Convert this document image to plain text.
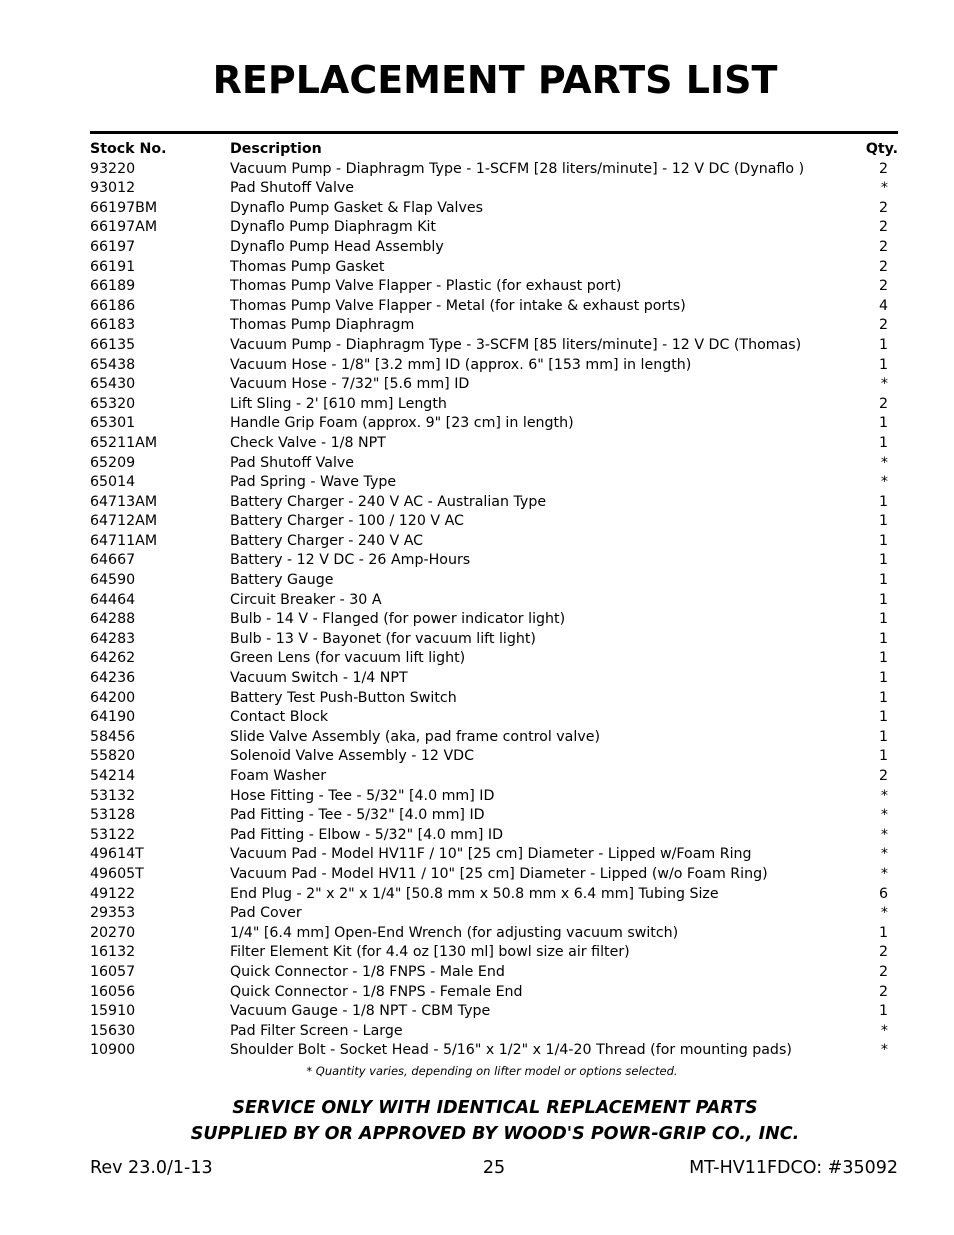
REPLACEMENT PARTS LIST
Stock No.	Description	Qty.
93220	Vacuum Pump - Diaphragm Type - 1-SCFM [28 liters/minute] - 12 V DC (Dynaflo )	2
93012	Pad Shutoff Valve	*
66197BM	Dynaflo Pump Gasket & Flap Valves	2
66197AM	Dynaflo Pump Diaphragm Kit	2
66197	Dynaflo Pump Head Assembly	2
66191	Thomas Pump Gasket	2
66189	Thomas Pump Valve Flapper - Plastic (for exhaust port)	2
66186	Thomas Pump Valve Flapper - Metal (for intake & exhaust ports)	4
66183	Thomas Pump Diaphragm	2
66135	Vacuum Pump - Diaphragm Type - 3-SCFM [85 liters/minute] - 12 V DC (Thomas)	1
65438	Vacuum Hose - 1/8" [3.2 mm] ID (approx. 6" [153 mm] in length)	1
65430	Vacuum Hose - 7/32" [5.6 mm] ID	*
65320	Lift Sling - 2' [610 mm] Length	2
65301	Handle Grip Foam (approx. 9" [23 cm] in length)	1
65211AM	Check Valve - 1/8 NPT	1
65209	Pad Shutoff Valve	*
65014	Pad Spring - Wave Type	*
64713AM	Battery Charger - 240 V AC - Australian Type	1
64712AM	Battery Charger - 100 / 120 V AC	1
64711AM	Battery Charger - 240 V AC	1
64667	Battery - 12 V DC - 26 Amp-Hours	1
64590	Battery Gauge	1
64464	Circuit Breaker - 30 A	1
64288	Bulb - 14 V - Flanged (for power indicator light)	1
64283	Bulb - 13 V - Bayonet (for vacuum lift light)	1
64262	Green Lens (for vacuum lift light)	1
64236	Vacuum Switch - 1/4 NPT	1
64200	Battery Test Push-Button Switch	1
64190	Contact Block	1
58456	Slide Valve Assembly (aka, pad frame control valve)	1
55820	Solenoid Valve Assembly - 12 VDC	1
54214	Foam Washer	2
53132	Hose Fitting - Tee - 5/32" [4.0 mm] ID	*
53128	Pad Fitting - Tee - 5/32" [4.0 mm] ID	*
53122	Pad Fitting - Elbow - 5/32" [4.0 mm] ID	*
49614T	Vacuum Pad - Model HV11F / 10" [25 cm] Diameter - Lipped w/Foam Ring	*
49605T	Vacuum Pad - Model HV11 / 10" [25 cm] Diameter - Lipped (w/o Foam Ring)	*
49122	End Plug - 2" x 2" x 1/4" [50.8 mm x 50.8 mm x 6.4 mm] Tubing Size	6
29353	Pad Cover	*
20270	1/4" [6.4 mm] Open-End Wrench (for adjusting vacuum switch)	1
16132	Filter Element Kit (for 4.4 oz [130 ml] bowl size air filter)	2
16057	Quick Connector - 1/8 FNPS - Male End	2
16056	Quick Connector - 1/8 FNPS - Female End	2
15910	Vacuum Gauge - 1/8 NPT - CBM Type	1
15630	Pad Filter Screen - Large	*
10900	Shoulder Bolt - Socket Head - 5/16" x 1/2" x 1/4-20 Thread (for mounting pads)	*
* Quantity varies, depending on lifter model or options selected.
SERVICE ONLY WITH IDENTICAL REPLACEMENT PARTS
SUPPLIED BY OR APPROVED BY WOOD'S POWR-GRIP CO., INC.
Rev 23.0/1-13	25	MT-HV11FDCO: #35092
